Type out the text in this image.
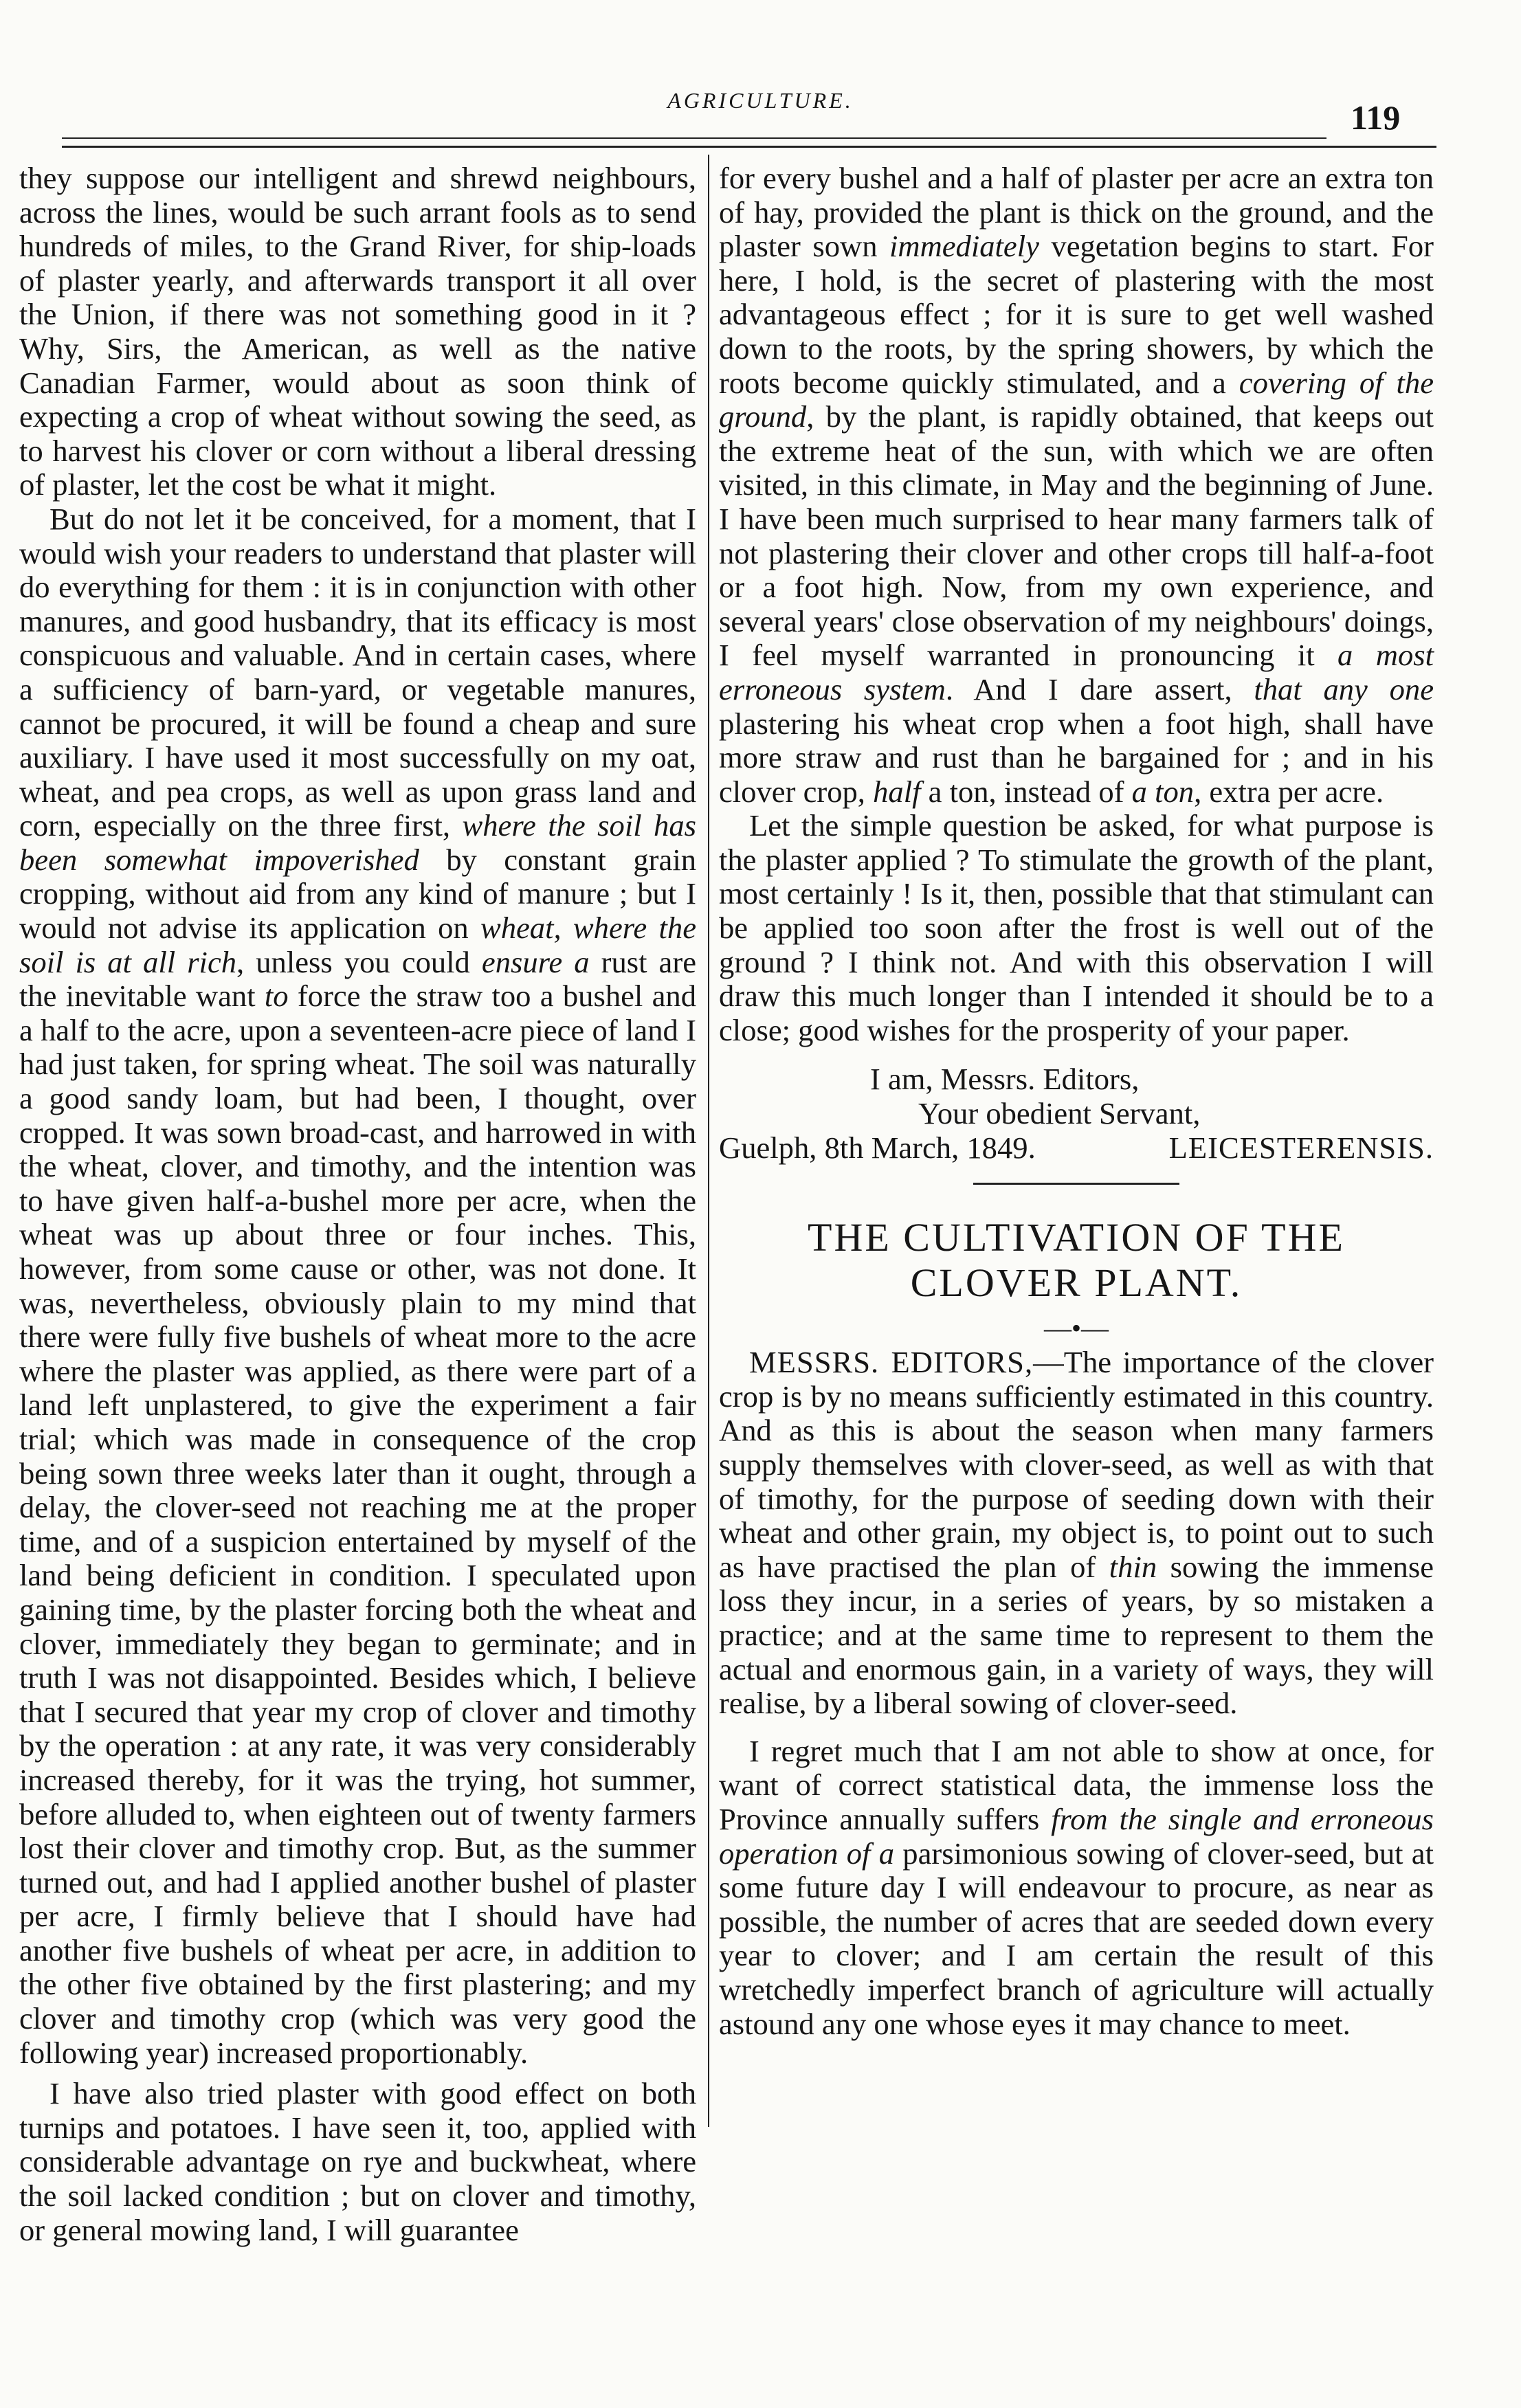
AGRICULTURE.	119

they suppose our intelligent and shrewd neighbours, across the lines, would be such arrant fools as to send hundreds of miles, to the Grand River, for ship-loads of plaster yearly, and afterwards transport it all over the Union, if there was not something good in it ? Why, Sirs, the American, as well as the native Canadian Farmer, would about as soon think of expecting a crop of wheat without sowing the seed, as to harvest his clover or corn without a liberal dressing of plaster, let the cost be what it might.

But do not let it be conceived, for a moment, that I would wish your readers to understand that plaster will do everything for them : it is in conjunction with other manures, and good husbandry, that its efficacy is most conspicuous and valuable. And in certain cases, where a sufficiency of barn-yard, or vegetable manures, cannot be procured, it will be found a cheap and sure auxiliary. I have used it most successfully on my oat, wheat, and pea crops, as well as upon grass land and corn, especially on the three first, where the soil has been somewhat impoverished by constant grain cropping, without aid from any kind of manure ; but I would not advise its application on wheat, where the soil is at all rich, unless you could ensure a rust are the inevitable want to force the straw too a bushel and a half to the acre, upon a seventeen-acre piece of land I had just taken, for spring wheat. The soil was naturally a good sandy loam, but had been, I thought, over cropped. It was sown broad-cast, and harrowed in with the wheat, clover, and timothy, and the intention was to have given half-a-bushel more per acre, when the wheat was up about three or four inches. This, however, from some cause or other, was not done. It was, nevertheless, obviously plain to my mind that there were fully five bushels of wheat more to the acre where the plaster was applied, as there were part of a land left unplastered, to give the experiment a fair trial; which was made in consequence of the crop being sown three weeks later than it ought, through a delay, the clover-seed not reaching me at the proper time, and of a suspicion entertained by myself of the land being deficient in condition. I speculated upon gaining time, by the plaster forcing both the wheat and clover, immediately they began to germinate; and in truth I was not disappointed. Besides which, I believe that I secured that year my crop of clover and timothy by the operation : at any rate, it was very considerably increased thereby, for it was the trying, hot summer, before alluded to, when eighteen out of twenty farmers lost their clover and timothy crop. But, as the summer turned out, and had I applied another bushel of plaster per acre, I firmly believe that I should have had another five bushels of wheat per acre, in addition to the other five obtained by the first plastering; and my clover and timothy crop (which was very good the following year) increased proportionably.

I have also tried plaster with good effect on both turnips and potatoes. I have seen it, too, applied with considerable advantage on rye and buckwheat, where the soil lacked condition ; but on clover and timothy, or general mowing land, I will guarantee

for every bushel and a half of plaster per acre an extra ton of hay, provided the plant is thick on the ground, and the plaster sown immediately vegetation begins to start. For here, I hold, is the secret of plastering with the most advantageous effect ; for it is sure to get well washed down to the roots, by the spring showers, by which the roots become quickly stimulated, and a covering of the ground, by the plant, is rapidly obtained, that keeps out the extreme heat of the sun, with which we are often visited, in this climate, in May and the beginning of June. I have been much surprised to hear many farmers talk of not plastering their clover and other crops till half-a-foot or a foot high. Now, from my own experience, and several years' close observation of my neighbours' doings, I feel myself warranted in pronouncing it a most erroneous system. And I dare assert, that any one plastering his wheat crop when a foot high, shall have more straw and rust than he bargained for ; and in his clover crop, half a ton, instead of a ton, extra per acre.

Let the simple question be asked, for what purpose is the plaster applied ? To stimulate the growth of the plant, most certainly ! Is it, then, possible that that stimulant can be applied too soon after the frost is well out of the ground ? I think not. And with this observation I will draw this much longer than I intended it should be to a close; good wishes for the prosperity of your paper.

I am, Messrs. Editors,
Your obedient Servant,
Guelph, 8th March, 1849.	LEICESTERENSIS.
THE CULTIVATION OF THE
CLOVER PLANT.
—•—

MESSRS. EDITORS,—The importance of the clover crop is by no means sufficiently estimated in this country. And as this is about the season when many farmers supply themselves with clover-seed, as well as with that of timothy, for the purpose of seeding down with their wheat and other grain, my object is, to point out to such as have practised the plan of thin sowing the immense loss they incur, in a series of years, by so mistaken a practice; and at the same time to represent to them the actual and enormous gain, in a variety of ways, they will realise, by a liberal sowing of clover-seed.

I regret much that I am not able to show at once, for want of correct statistical data, the immense loss the Province annually suffers from the single and erroneous operation of a parsimonious sowing of clover-seed, but at some future day I will endeavour to procure, as near as possible, the number of acres that are seeded down every year to clover; and I am certain the result of this wretchedly imperfect branch of agriculture will actually astound any one whose eyes it may chance to meet.
